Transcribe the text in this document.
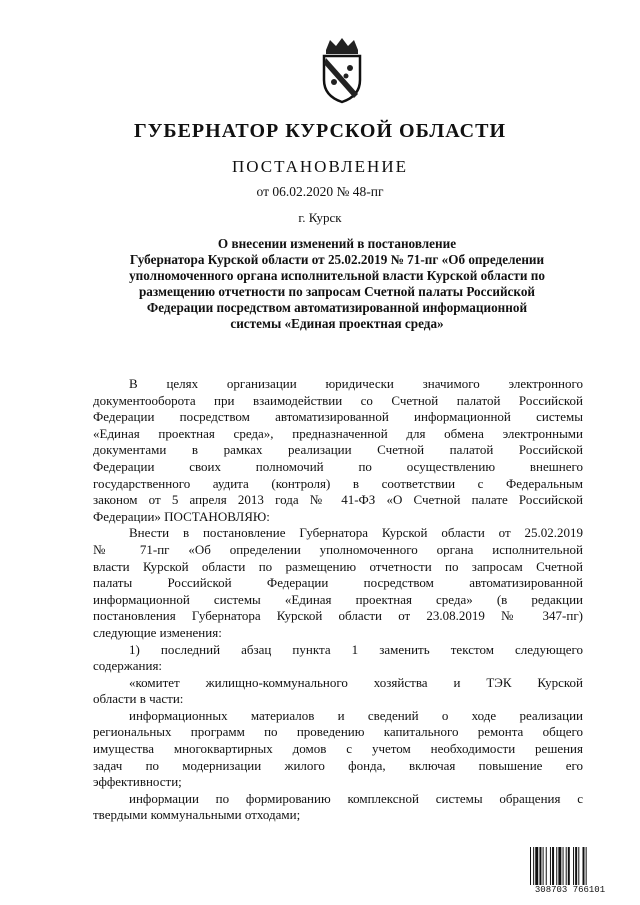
ГУБЕРНАТОР КУРСКОЙ ОБЛАСТИ
ПОСТАНОВЛЕНИЕ
от 06.02.2020 № 48-пг
г. Курск
О внесении изменений в постановление
Губернатора Курской области от 25.02.2019 № 71-пг «Об определении
уполномоченного органа исполнительной власти Курской области по
размещению отчетности по запросам Счетной палаты Российской
Федерации посредством автоматизированной информационной
системы «Единая проектная среда»
В целях организации юридически значимого электронного
документооборота при взаимодействии со Счетной палатой Российской
Федерации посредством автоматизированной информационной системы
«Единая проектная среда», предназначенной для обмена электронными
документами в рамках реализации Счетной палатой Российской
Федерации своих полномочий по осуществлению внешнего
государственного аудита (контроля) в соответствии с Федеральным
законом от 5 апреля 2013 года № 41-ФЗ «О Счетной палате Российской
Федерации» ПОСТАНОВЛЯЮ:
Внести в постановление Губернатора Курской области от 25.02.2019
№ 71-пг «Об определении уполномоченного органа исполнительной
власти Курской области по размещению отчетности по запросам Счетной
палаты Российской Федерации посредством автоматизированной
информационной системы «Единая проектная среда» (в редакции
постановления Губернатора Курской области от 23.08.2019 № 347-пг)
следующие изменения:
1) последний абзац пункта 1 заменить текстом следующего
содержания:
«комитет жилищно-коммунального хозяйства и ТЭК Курской
области в части:
информационных материалов и сведений о ходе реализации
региональных программ по проведению капитального ремонта общего
имущества многоквартирных домов с учетом необходимости решения
задач по модернизации жилого фонда, включая повышение его
эффективности;
информации по формированию комплексной системы обращения с
твердыми коммунальными отходами;
308703 766101
